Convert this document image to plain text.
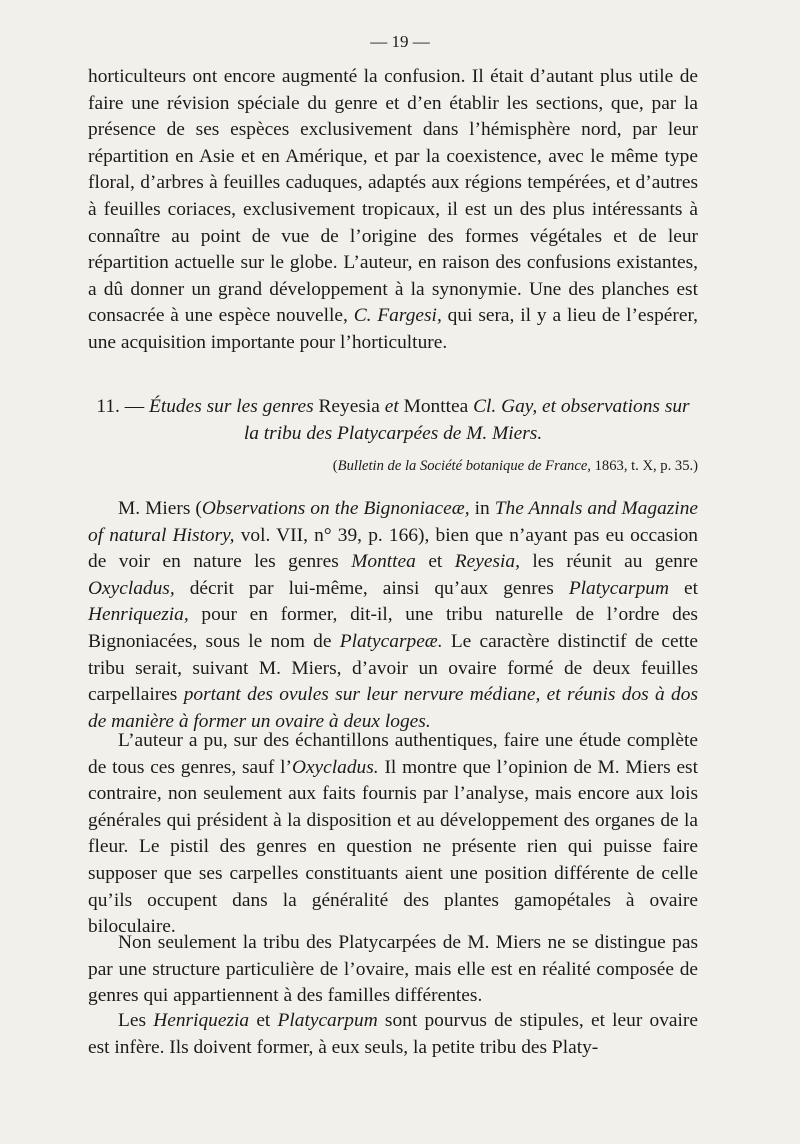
— 19 —

horticulteurs ont encore augmenté la confusion. Il était d’autant plus utile de faire une révision spéciale du genre et d’en établir les sections, que, par la présence de ses espèces exclusivement dans l’hémisphère nord, par leur répartition en Asie et en Amérique, et par la coexistence, avec le même type floral, d’arbres à feuilles caduques, adaptés aux régions tempérées, et d’autres à feuilles coriaces, exclusivement tropicaux, il est un des plus intéressants à connaître au point de vue de l’origine des formes végétales et de leur répartition actuelle sur le globe. L’auteur, en raison des confusions existantes, a dû donner un grand développement à la synonymie. Une des planches est consacrée à une espèce nouvelle, C. Fargesi, qui sera, il y a lieu de l’espérer, une acquisition importante pour l’horticulture.

11. — Études sur les genres Reyesia et Monttea Cl. Gay, et observations sur la tribu des Platycarpées de M. Miers.

(Bulletin de la Société botanique de France, 1863, t. X, p. 35.)

M. Miers (Observations on the Bignoniaceæ, in The Annals and Magazine of natural History, vol. VII, n° 39, p. 166), bien que n’ayant pas eu occasion de voir en nature les genres Monttea et Reyesia, les réunit au genre Oxycladus, décrit par lui-même, ainsi qu’aux genres Platycarpum et Henriquezia, pour en former, dit-il, une tribu naturelle de l’ordre des Bignoniacées, sous le nom de Platycarpeæ. Le caractère distinctif de cette tribu serait, suivant M. Miers, d’avoir un ovaire formé de deux feuilles carpellaires portant des ovules sur leur nervure médiane, et réunis dos à dos de manière à former un ovaire à deux loges.

L’auteur a pu, sur des échantillons authentiques, faire une étude complète de tous ces genres, sauf l’Oxycladus. Il montre que l’opinion de M. Miers est contraire, non seulement aux faits fournis par l’analyse, mais encore aux lois générales qui président à la disposition et au développement des organes de la fleur. Le pistil des genres en question ne présente rien qui puisse faire supposer que ses carpelles constituants aient une position différente de celle qu’ils occupent dans la généralité des plantes gamopétales à ovaire biloculaire.

Non seulement la tribu des Platycarpées de M. Miers ne se distingue pas par une structure particulière de l’ovaire, mais elle est en réalité composée de genres qui appartiennent à des familles différentes.

Les Henriquezia et Platycarpum sont pourvus de stipules, et leur ovaire est infère. Ils doivent former, à eux seuls, la petite tribu des Platy-
